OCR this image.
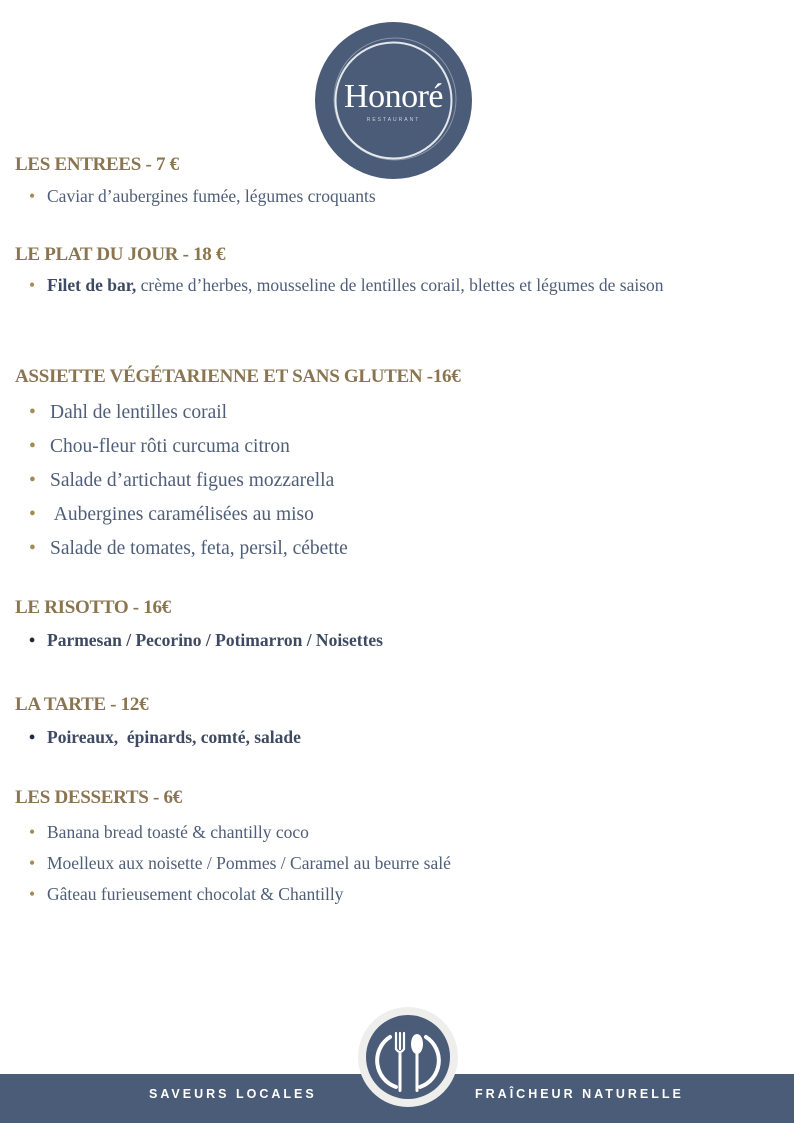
Honoré
RESTAURANT
LES ENTREES - 7 €
• Caviar d’aubergines fumée, légumes croquants
LE PLAT DU JOUR - 18 €
• Filet de bar, crème d’herbes, mousseline de lentilles corail, blettes et légumes de saison
ASSIETTE VÉGÉTARIENNE ET SANS GLUTEN -16€
• Dahl de lentilles corail
• Chou-fleur rôti curcuma citron
• Salade d’artichaut figues mozzarella
• Aubergines caramélisées au miso
• Salade de tomates, feta, persil, cébette
LE RISOTTO - 16€
• Parmesan / Pecorino / Potimarron / Noisettes
LA TARTE - 12€
• Poireaux,  épinards, comté, salade
LES DESSERTS - 6€
• Banana bread toasté & chantilly coco
• Moelleux aux noisette / Pommes / Caramel au beurre salé
• Gâteau furieusement chocolat & Chantilly
SAVEURS LOCALES	FRAÎCHEUR NATURELLE
